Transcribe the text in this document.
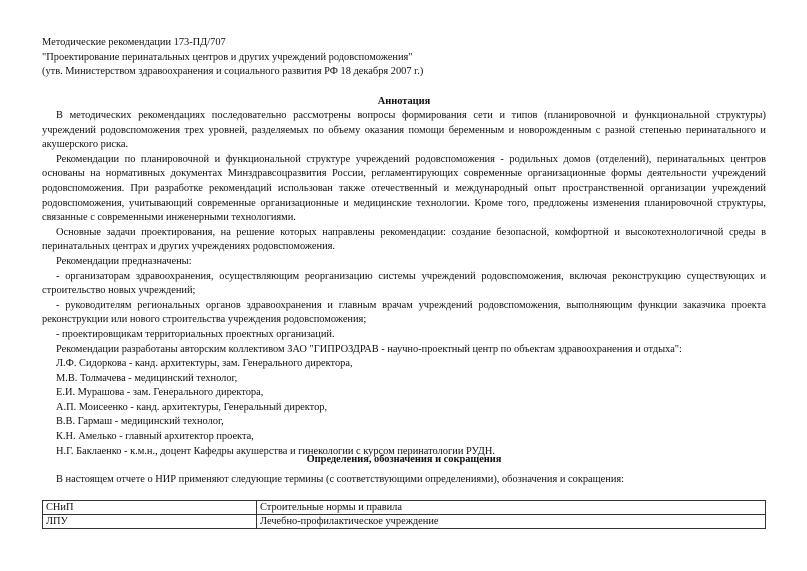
Методические рекомендации 173-ПД/707
"Проектирование перинатальных центров и других учреждений родовспоможения"
(утв. Министерством здравоохранения и социального развития РФ 18 декабря 2007 г.)
Аннотация

В методических рекомендациях последовательно рассмотрены вопросы формирования сети и типов (планировочной и функциональной структуры) учреждений родовспоможения трех уровней, разделяемых по объему оказания помощи беременным и новорожденным с разной степенью перинатального и акушерского риска.

Рекомендации по планировочной и функциональной структуре учреждений родовспоможения - родильных домов (отделений), перинатальных центров основаны на нормативных документах Минздравсоцразвития России, регламентирующих современные организационные формы деятельности учреждений родовспоможения. При разработке рекомендаций использован также отечественный и международный опыт пространственной организации учреждений родовспоможения, учитывающий современные организационные и медицинские технологии. Кроме того, предложены изменения планировочной структуры, связанные с современными инженерными технологиями.

Основные задачи проектирования, на решение которых направлены рекомендации: создание безопасной, комфортной и высокотехнологичной среды в перинатальных центрах и других учреждениях родовспоможения.

Рекомендации предназначены:

- организаторам здравоохранения, осуществляющим реорганизацию системы учреждений родовспоможения, включая реконструкцию существующих и строительство новых учреждений;

- руководителям региональных органов здравоохранения и главным врачам учреждений родовспоможения, выполняющим функции заказчика проекта реконструкции или нового строительства учреждения родовспоможения;

- проектировщикам территориальных проектных организаций.

Рекомендации разработаны авторским коллективом ЗАО "ГИПРОЗДРАВ - научно-проектный центр по объектам здравоохранения и отдыха":

Л.Ф. Сидоркова - канд. архитектуры, зам. Генерального директора,
М.В. Толмачева - медицинский технолог,
Е.И. Мурашова - зам. Генерального директора,
А.П. Моисеенко - канд. архитектуры, Генеральный директор,
В.В. Гармаш - медицинский технолог,
К.Н. Амелько - главный архитектор проекта,
Н.Г. Баклаенко - к.м.н., доцент Кафедры акушерства и гинекологии с курсом перинатологии РУДН.
Определения, обозначения и сокращения
В настоящем отчете о НИР применяют следующие термины (с соответствующими определениями), обозначения и сокращения:
СНиП	Строительные нормы и правила
ЛПУ	Лечебно-профилактическое учреждение
